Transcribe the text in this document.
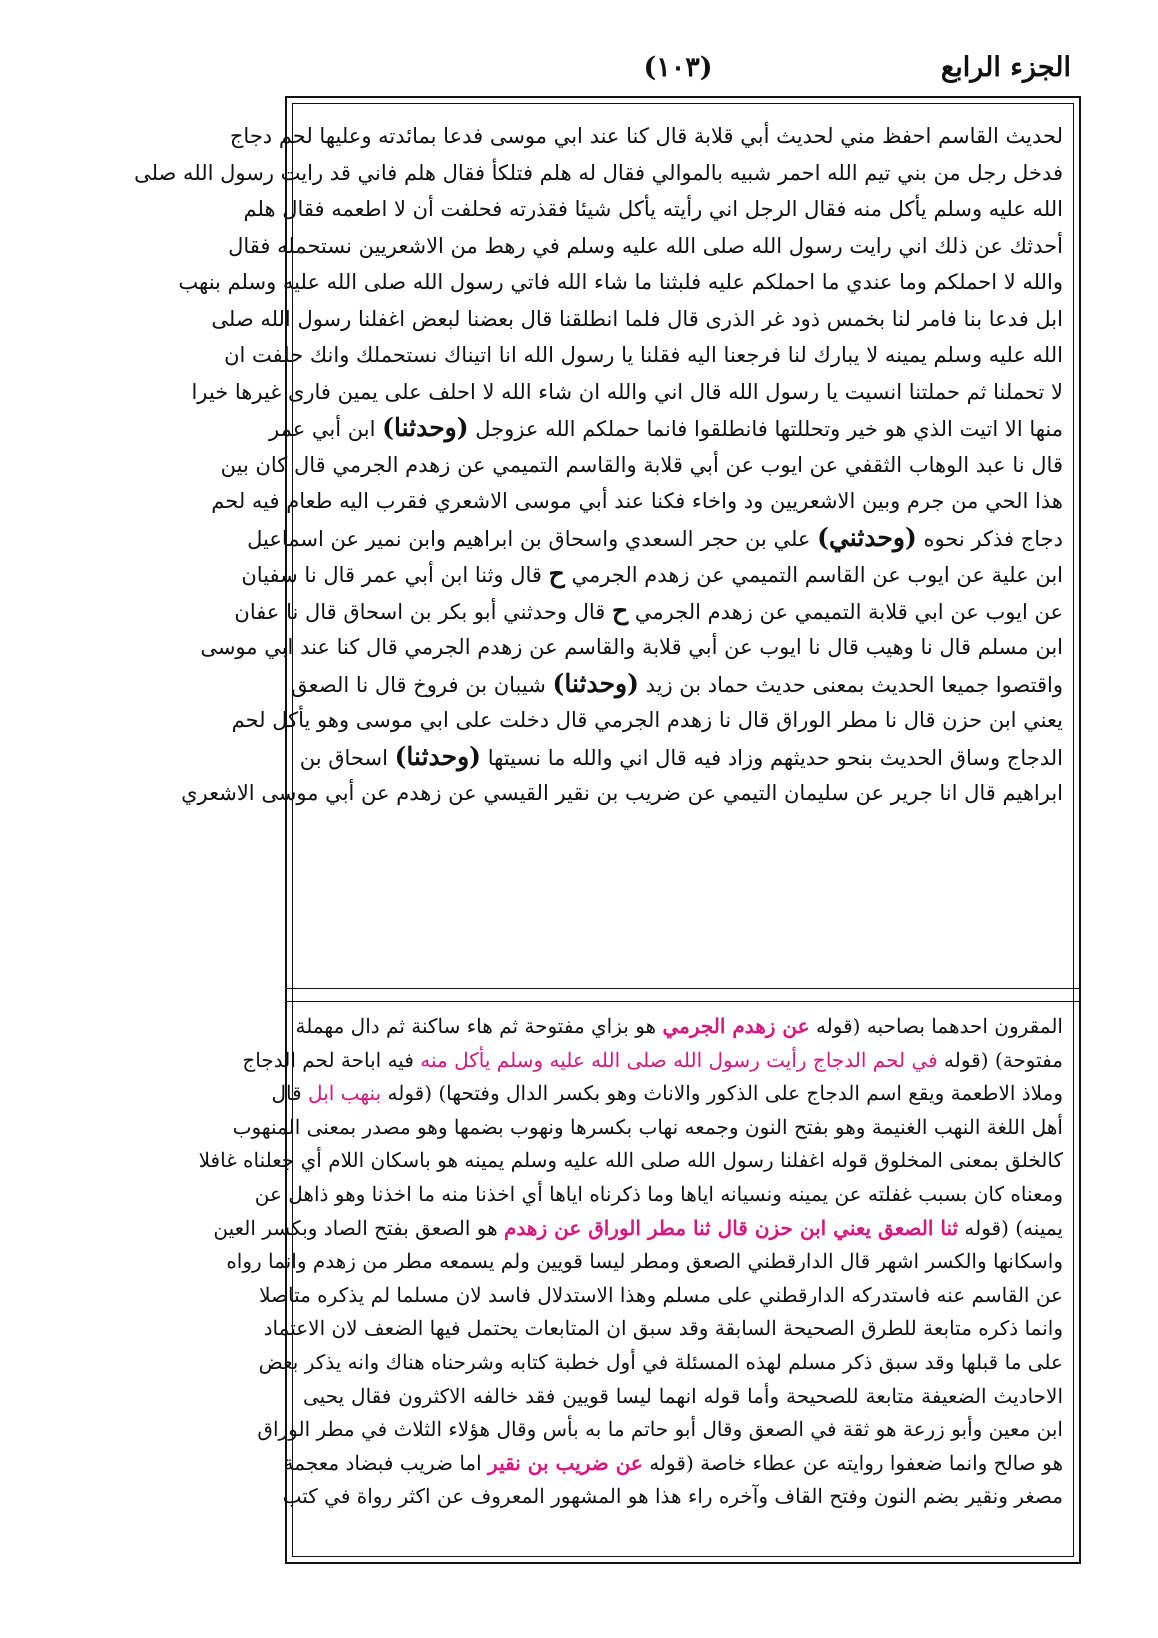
الجزء الرابع
(١٠٣)
لحديث القاسم احفظ مني لحديث أبي قلابة قال كنا عند ابي موسى فدعا بمائدته وعليها لحم دجاج
فدخل رجل من بني تيم الله احمر شبيه بالموالي فقال له هلم فتلكأ فقال هلم فاني قد رايت رسول الله صلى
الله عليه وسلم يأكل منه فقال الرجل اني رأيته يأكل شيئا فقذرته فحلفت أن لا اطعمه فقال هلم
أحدثك عن ذلك اني رايت رسول الله صلى الله عليه وسلم في رهط من الاشعريين نستحمله فقال
والله لا احملكم وما عندي ما احملكم عليه فلبثنا ما شاء الله فاتي رسول الله صلى الله عليه وسلم بنهب
ابل فدعا بنا فامر لنا بخمس ذود غر الذرى قال فلما انطلقنا قال بعضنا لبعض اغفلنا رسول الله صلى
الله عليه وسلم يمينه لا يبارك لنا فرجعنا اليه فقلنا يا رسول الله انا اتيناك نستحملك وانك حلفت ان
لا تحملنا ثم حملتنا انسيت يا رسول الله قال اني والله ان شاء الله لا احلف على يمين فارى غيرها خيرا
منها الا اتيت الذي هو خير وتحللتها فانطلقوا فانما حملكم الله عزوجل (وحدثنا) ابن أبي عمر
قال نا عبد الوهاب الثقفي عن ايوب عن أبي قلابة والقاسم التميمي عن زهدم الجرمي قال كان بين
هذا الحي من جرم وبين الاشعريين ود واخاء فكنا عند أبي موسى الاشعري فقرب اليه طعام فيه لحم
دجاج فذكر نحوه (وحدثني) علي بن حجر السعدي واسحاق بن ابراهيم وابن نمير عن اسماعيل
ابن علية عن ايوب عن القاسم التميمي عن زهدم الجرمي ح قال وثنا ابن أبي عمر قال نا سفيان
عن ايوب عن ابي قلابة التميمي عن زهدم الجرمي ح قال وحدثني أبو بكر بن اسحاق قال نا عفان
ابن مسلم قال نا وهيب قال نا ايوب عن أبي قلابة والقاسم عن زهدم الجرمي قال كنا عند ابي موسى
واقتصوا جميعا الحديث بمعنى حديث حماد بن زيد (وحدثنا) شيبان بن فروخ قال نا الصعق
يعني ابن حزن قال نا مطر الوراق قال نا زهدم الجرمي قال دخلت على ابي موسى وهو يأكل لحم
الدجاج وساق الحديث بنحو حديثهم وزاد فيه قال اني والله ما نسيتها (وحدثنا) اسحاق بن
ابراهيم قال انا جرير عن سليمان التيمي عن ضريب بن نقير القيسي عن زهدم عن أبي موسى الاشعري
المقرون احدهما بصاحبه (قوله عن زهدم الجرمي هو بزاي مفتوحة ثم هاء ساكنة ثم دال مهملة
مفتوحة) (قوله في لحم الدجاج رأيت رسول الله صلى الله عليه وسلم يأكل منه فيه اباحة لحم الدجاج
وملاذ الاطعمة ويقع اسم الدجاج على الذكور والاناث وهو بكسر الدال وفتحها) (قوله بنهب ابل قال
أهل اللغة النهب الغنيمة وهو بفتح النون وجمعه نهاب بكسرها ونهوب بضمها وهو مصدر بمعنى المنهوب
كالخلق بمعنى المخلوق قوله اغفلنا رسول الله صلى الله عليه وسلم يمينه هو باسكان اللام أي جعلناه غافلا
ومعناه كان بسبب غفلته عن يمينه ونسيانه اياها وما ذكرناه اياها أي اخذنا منه ما اخذنا وهو ذاهل عن
يمينه) (قوله ثنا الصعق يعني ابن حزن قال ثنا مطر الوراق عن زهدم هو الصعق بفتح الصاد وبكسر العين
واسكانها والكسر اشهر قال الدارقطني الصعق ومطر ليسا قويين ولم يسمعه مطر من زهدم وانما رواه
عن القاسم عنه فاستدركه الدارقطني على مسلم وهذا الاستدلال فاسد لان مسلما لم يذكره متاصلا
وانما ذكره متابعة للطرق الصحيحة السابقة وقد سبق ان المتابعات يحتمل فيها الضعف لان الاعتماد
على ما قبلها وقد سبق ذكر مسلم لهذه المسئلة في أول خطبة كتابه وشرحناه هناك وانه يذكر بعض
الاحاديث الضعيفة متابعة للصحيحة وأما قوله انهما ليسا قويين فقد خالفه الاكثرون فقال يحيى
ابن معين وأبو زرعة هو ثقة في الصعق وقال أبو حاتم ما به بأس وقال هؤلاء الثلاث في مطر الوراق
هو صالح وانما ضعفوا روايته عن عطاء خاصة (قوله عن ضريب بن نقير اما ضريب فبضاد معجمة
مصغر ونقير بضم النون وفتح القاف وآخره راء هذا هو المشهور المعروف عن اكثر رواة في كتب
